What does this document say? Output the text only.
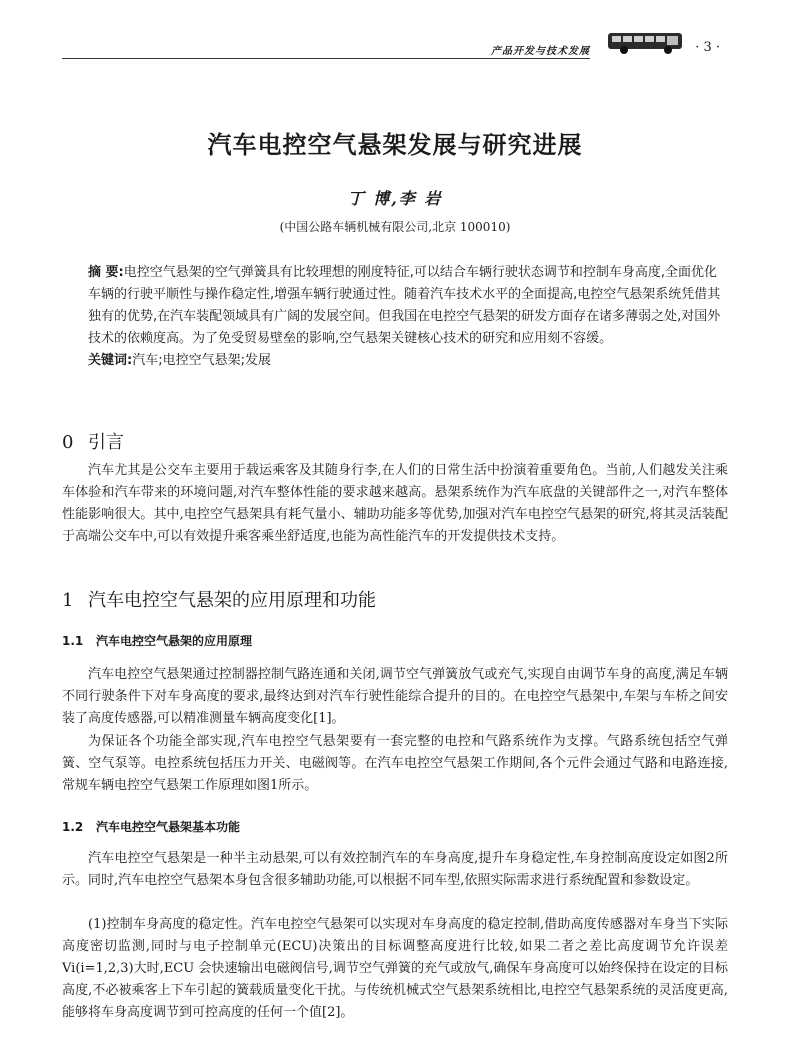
产品开发与技术发展	· 3 ·
汽车电控空气悬架发展与研究进展
丁 博,李 岩
(中国公路车辆机械有限公司,北京 100010)
摘 要:电控空气悬架的空气弹簧具有比较理想的刚度特征,可以结合车辆行驶状态调节和控制车身高度,全面优化车辆的行驶平顺性与操作稳定性,增强车辆行驶通过性。随着汽车技术水平的全面提高,电控空气悬架系统凭借其独有的优势,在汽车装配领域具有广阔的发展空间。但我国在电控空气悬架的研发方面存在诸多薄弱之处,对国外技术的依赖度高。为了免受贸易壁垒的影响,空气悬架关键核心技术的研究和应用刻不容缓。
关键词:汽车;电控空气悬架;发展
0 引言

汽车尤其是公交车主要用于载运乘客及其随身行李,在人们的日常生活中扮演着重要角色。当前,人们越发关注乘车体验和汽车带来的环境问题,对汽车整体性能的要求越来越高。悬架系统作为汽车底盘的关键部件之一,对汽车整体性能影响很大。其中,电控空气悬架具有耗气量小、辅助功能多等优势,加强对汽车电控空气悬架的研究,将其灵活装配于高端公交车中,可以有效提升乘客乘坐舒适度,也能为高性能汽车的开发提供技术支持。

1 汽车电控空气悬架的应用原理和功能
1.1 汽车电控空气悬架的应用原理

汽车电控空气悬架通过控制器控制气路连通和关闭,调节空气弹簧放气或充气,实现自由调节车身的高度,满足车辆不同行驶条件下对车身高度的要求,最终达到对汽车行驶性能综合提升的目的。在电控空气悬架中,车架与车桥之间安装了高度传感器,可以精准测量车辆高度变化[1]。

为保证各个功能全部实现,汽车电控空气悬架要有一套完整的电控和气路系统作为支撑。气路系统包括空气弹簧、空气泵等。电控系统包括压力开关、电磁阀等。在汽车电控空气悬架工作期间,各个元件会通过气路和电路连接,常规车辆电控空气悬架工作原理如图1所示。

1.2 汽车电控空气悬架基本功能

汽车电控空气悬架是一种半主动悬架,可以有效控制汽车的车身高度,提升车身稳定性,车身控制高度设定如图2所示。同时,汽车电控空气悬架本身包含很多辅助功能,可以根据不同车型,依照实际需求进行系统配置和参数设定。

(1)控制车身高度的稳定性。汽车电控空气悬架可以实现对车身高度的稳定控制,借助高度传感器对车身当下实际高度密切监测,同时与电子控制单元(ECU)决策出的目标调整高度进行比较,如果二者之差比高度调节允许误差 Vi(i=1,2,3)大时,ECU 会快速输出电磁阀信号,调节空气弹簧的充气或放气,确保车身高度可以始终保持在设定的目标高度,不必被乘客上下车引起的簧载质量变化干扰。与传统机械式空气悬架系统相比,电控空气悬架系统的灵活度更高,能够将车身高度调节到可控高度的任何一个值[2]。
